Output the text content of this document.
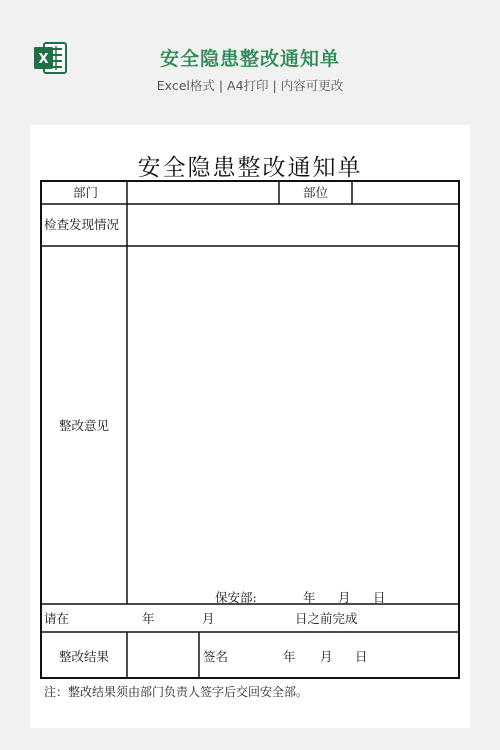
X	安全隐患整改通知单
Excel格式 | A4打印 | 内容可更改
安全隐患整改通知单
部门	部位
检查发现情况
整改意见
保安部:	年 月 日
请在	年	月	日之前完成
整改结果	签名	年 月 日
注：整改结果须由部门负责人签字后交回安全部。
